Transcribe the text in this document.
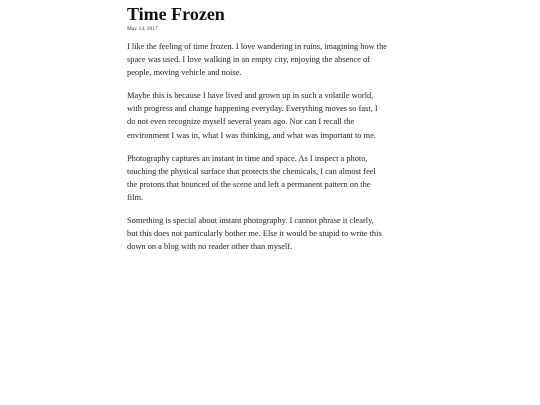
Time Frozen
May 14, 2017

I like the feeling of time frozen. I love wandering in ruins, imagining how the
space was used. I love walking in an empty city, enjoying the absence of
people, moving vehicle and noise.

Maybe this is because I have lived and grown up in such a volatile world,
with progress and change happening everyday. Everything moves so fast, I
do not even recognize myself several years ago. Nor can I recall the
environment I was in, what I was thinking, and what was important to me.

Photography captures an instant in time and space. As I inspect a photo,
touching the physical surface that protects the chemicals, I can almost feel
the protons that bounced of the scene and left a permanent pattern on the
film.

Something is special about instant photography. I cannot phrase it clearly,
but this does not particularly bother me. Else it would be stupid to write this
down on a blog with no reader other than myself.
